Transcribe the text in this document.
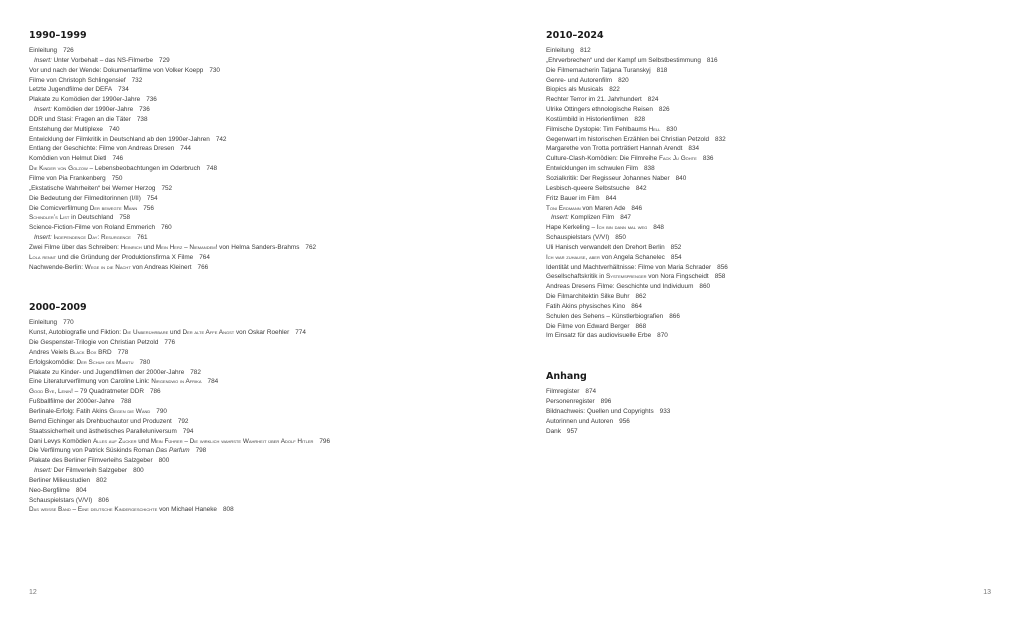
1990–1999
Einleitung 726
Insert: Unter Vorbehalt – das NS-Filmerbe 729
Vor und nach der Wende: Dokumentarfilme von Volker Koepp 730
Filme von Christoph Schlingensief 732
Letzte Jugendfilme der DEFA 734
Plakate zu Komödien der 1990er-Jahre 736
Insert: Komödien der 1990er-Jahre 736
DDR und Stasi: Fragen an die Täter 738
Entstehung der Multiplexe 740
Entwicklung der Filmkritik in Deutschland ab den 1990er-Jahren 742
Entlang der Geschichte: Filme von Andreas Dresen 744
Komödien von Helmut Dietl 746
Die Kinder von Golzow – Lebensbeobachtungen im Oderbruch 748
Filme von Pia Frankenberg 750
„Ekstatische Wahrheiten“ bei Werner Herzog 752
Die Bedeutung der Filmeditorinnen (I/II) 754
Die Comicverfilmung Der bewegte Mann 756
Schindler’s List in Deutschland 758
Science-Fiction-Filme von Roland Emmerich 760
Insert: Independence Day: Resurgence 761
Zwei Filme über das Schreiben: Heinrich und Mein Herz – Niemandem! von Helma Sanders-Brahms 762
Lola rennt und die Gründung der Produktionsfirma X Filme 764
Nachwende-Berlin: Wege in die Nacht von Andreas Kleinert 766
2000–2009
Einleitung 770
Kunst, Autobiografie und Fiktion: Die Unberührbare und Der alte Affe Angst von Oskar Roehler 774
Die Gespenster-Trilogie von Christian Petzold 776
Andres Veiels Black Box BRD 778
Erfolgskomödie: Der Schuh des Manitu 780
Plakate zu Kinder- und Jugendfilmen der 2000er-Jahre 782
Eine Literaturverfilmung von Caroline Link: Nirgendwo in Afrika 784
Good Bye, Lenin! – 79 Quadratmeter DDR 786
Fußballfilme der 2000er-Jahre 788
Berlinale-Erfolg: Fatih Akins Gegen die Wand 790
Bernd Eichinger als Drehbuchautor und Produzent 792
Staatssicherheit und ästhetisches Paralleluniversum 794
Dani Levys Komödien Alles auf Zucker und Mein Führer – Die wirklich wahrste Wahrheit über Adolf Hitler 796
Die Verfilmung von Patrick Süskinds Roman Das Parfum 798
Plakate des Berliner Filmverleihs Salzgeber 800
Insert: Der Filmverleih Salzgeber 800
Berliner Milieustudien 802
Neo-Bergfilme 804
Schauspielstars (V/VI) 806
Das weisse Band – Eine deutsche Kindergeschichte von Michael Haneke 808
2010–2024
Einleitung 812
„Ehrverbrechen“ und der Kampf um Selbstbestimmung 816
Die Filmemacherin Tatjana Turanskyj 818
Genre- und Autorenfilm 820
Biopics als Musicals 822
Rechter Terror im 21. Jahrhundert 824
Ulrike Ottingers ethnologische Reisen 826
Kostümbild in Historienfilmen 828
Filmische Dystopie: Tim Fehlbaums Hell 830
Gegenwart im historischen Erzählen bei Christian Petzold 832
Margarethe von Trotta porträtiert Hannah Arendt 834
Culture-Clash-Komödien: Die Filmreihe Fack Ju Göhte 836
Entwicklungen im schwulen Film 838
Sozialkritik: Der Regisseur Johannes Naber 840
Lesbisch-queere Selbstsuche 842
Fritz Bauer im Film 844
Toni Erdmann von Maren Ade 846
Insert: Komplizen Film 847
Hape Kerkeling – Ich bin dann mal weg 848
Schauspielstars (V/VI) 850
Uli Hanisch verwandelt den Drehort Berlin 852
Ich war zuhause, aber von Angela Schanelec 854
Identität und Machtverhältnisse: Filme von Maria Schrader 856
Gesellschaftskritik in Systemsprenger von Nora Fingscheidt 858
Andreas Dresens Filme: Geschichte und Individuum 860
Die Filmarchitektin Silke Buhr 862
Fatih Akins physisches Kino 864
Schulen des Sehens – Künstlerbiografien 866
Die Filme von Edward Berger 868
Im Einsatz für das audiovisuelle Erbe 870
Anhang
Filmregister 874
Personenregister 896
Bildnachweis: Quellen und Copyrights 933
Autorinnen und Autoren 956
Dank 957
12	13
